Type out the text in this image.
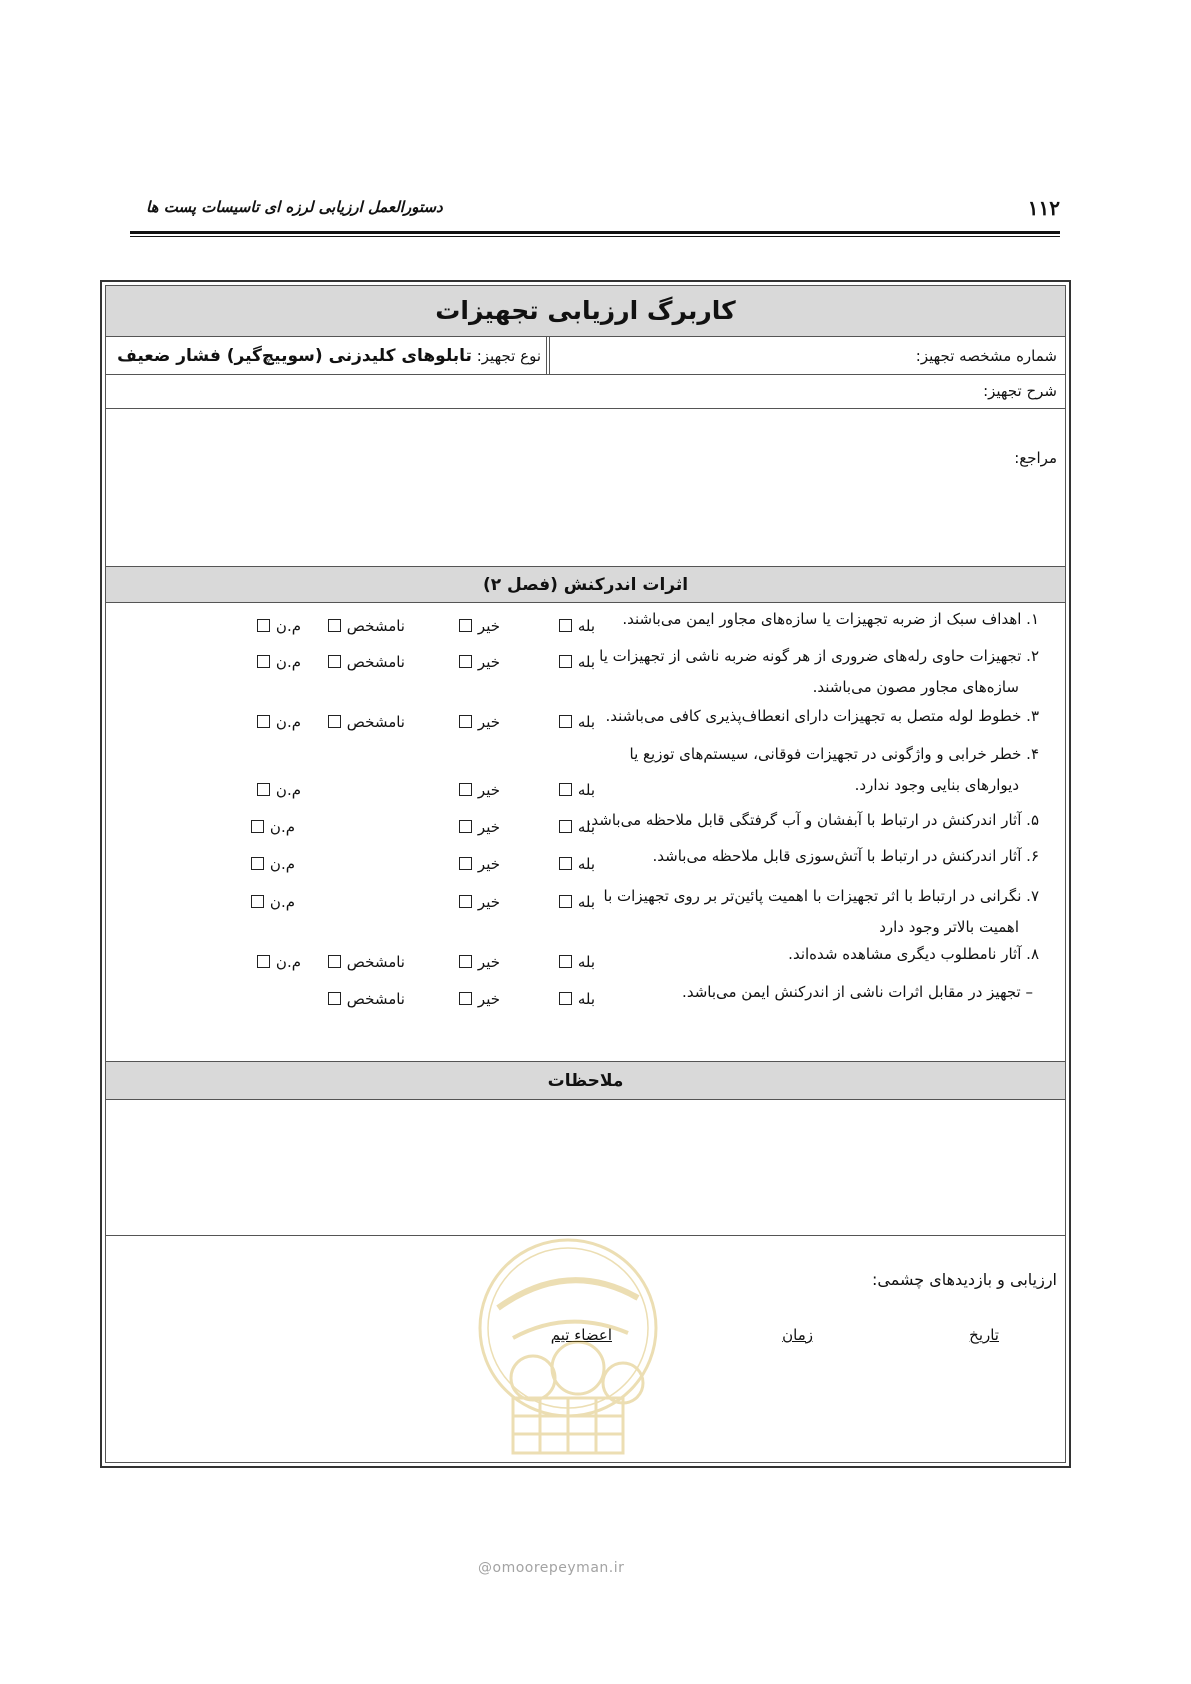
۱۱۲
دستورالعمل ارزیابی لرزه ای تاسیسات پست ها
کاربرگ ارزیابی تجهیزات
شماره مشخصه تجهیز:
نوع تجهیز: تابلوهای کلیدزنی (سوییچ‌گیر) فشار ضعیف
شرح تجهیز:
مراجع:
اثرات اندرکنش (فصل ۲)
۱. اهداف سبک از ضربه تجهیزات یا سازه‌های مجاور ایمن می‌باشند.
بله
خیر
نامشخص
م.ن
۲. تجهیزات حاوی رله‌های ضروری از هر گونه ضربه ناشی از تجهیزات یا
سازه‌های مجاور مصون می‌باشند.
بله
خیر
نامشخص
م.ن
۳. خطوط لوله متصل به تجهیزات دارای انعطاف‌پذیری کافی می‌باشند.
بله
خیر
نامشخص
م.ن
۴. خطر خرابی و واژگونی در تجهیزات فوقانی، سیستم‌های توزیع یا
دیوارهای بنایی وجود ندارد.
بله
خیر
م.ن
۵. آثار اندرکنش در ارتباط با آبفشان و آب گرفتگی قابل ملاحظه می‌باشد.
بله
خیر
م.ن
۶. آثار اندرکنش در ارتباط با آتش‌سوزی قابل ملاحظه می‌باشد.
بله
خیر
م.ن
۷. نگرانی در ارتباط با اثر تجهیزات با اهمیت پائین‌تر بر روی تجهیزات با
اهمیت بالاتر وجود دارد
بله
خیر
م.ن
۸. آثار نامطلوب دیگری مشاهده شده‌اند.
بله
خیر
نامشخص
م.ن
– تجهیز در مقابل اثرات ناشی از اندرکنش ایمن می‌باشد.
بله
خیر
نامشخص
ملاحظات
ارزیابی و بازدیدهای چشمی:
تاریخ
زمان
اعضاء تیم
@omoorepeyman.ir
